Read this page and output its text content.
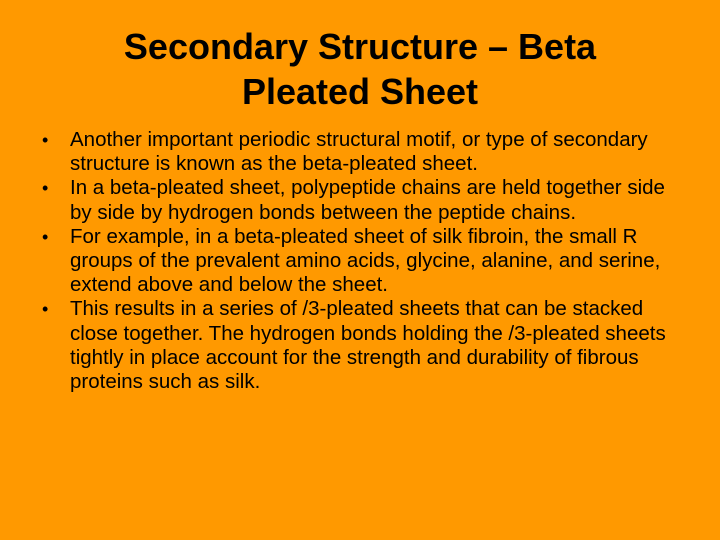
Secondary Structure – Beta
Pleated Sheet
• Another important periodic structural motif, or type of secondary structure is known as the beta-pleated sheet.
• In a beta-pleated sheet, polypeptide chains are held together side by side by hydrogen bonds between the peptide chains.
• For example, in a beta-pleated sheet of silk fibroin, the small R groups of the prevalent amino acids, glycine, alanine, and serine, extend above and below the sheet.
• This results in a series of /3-pleated sheets that can be stacked close together. The hydrogen bonds holding the /3-pleated sheets tightly in place account for the strength and durability of fibrous proteins such as silk.
